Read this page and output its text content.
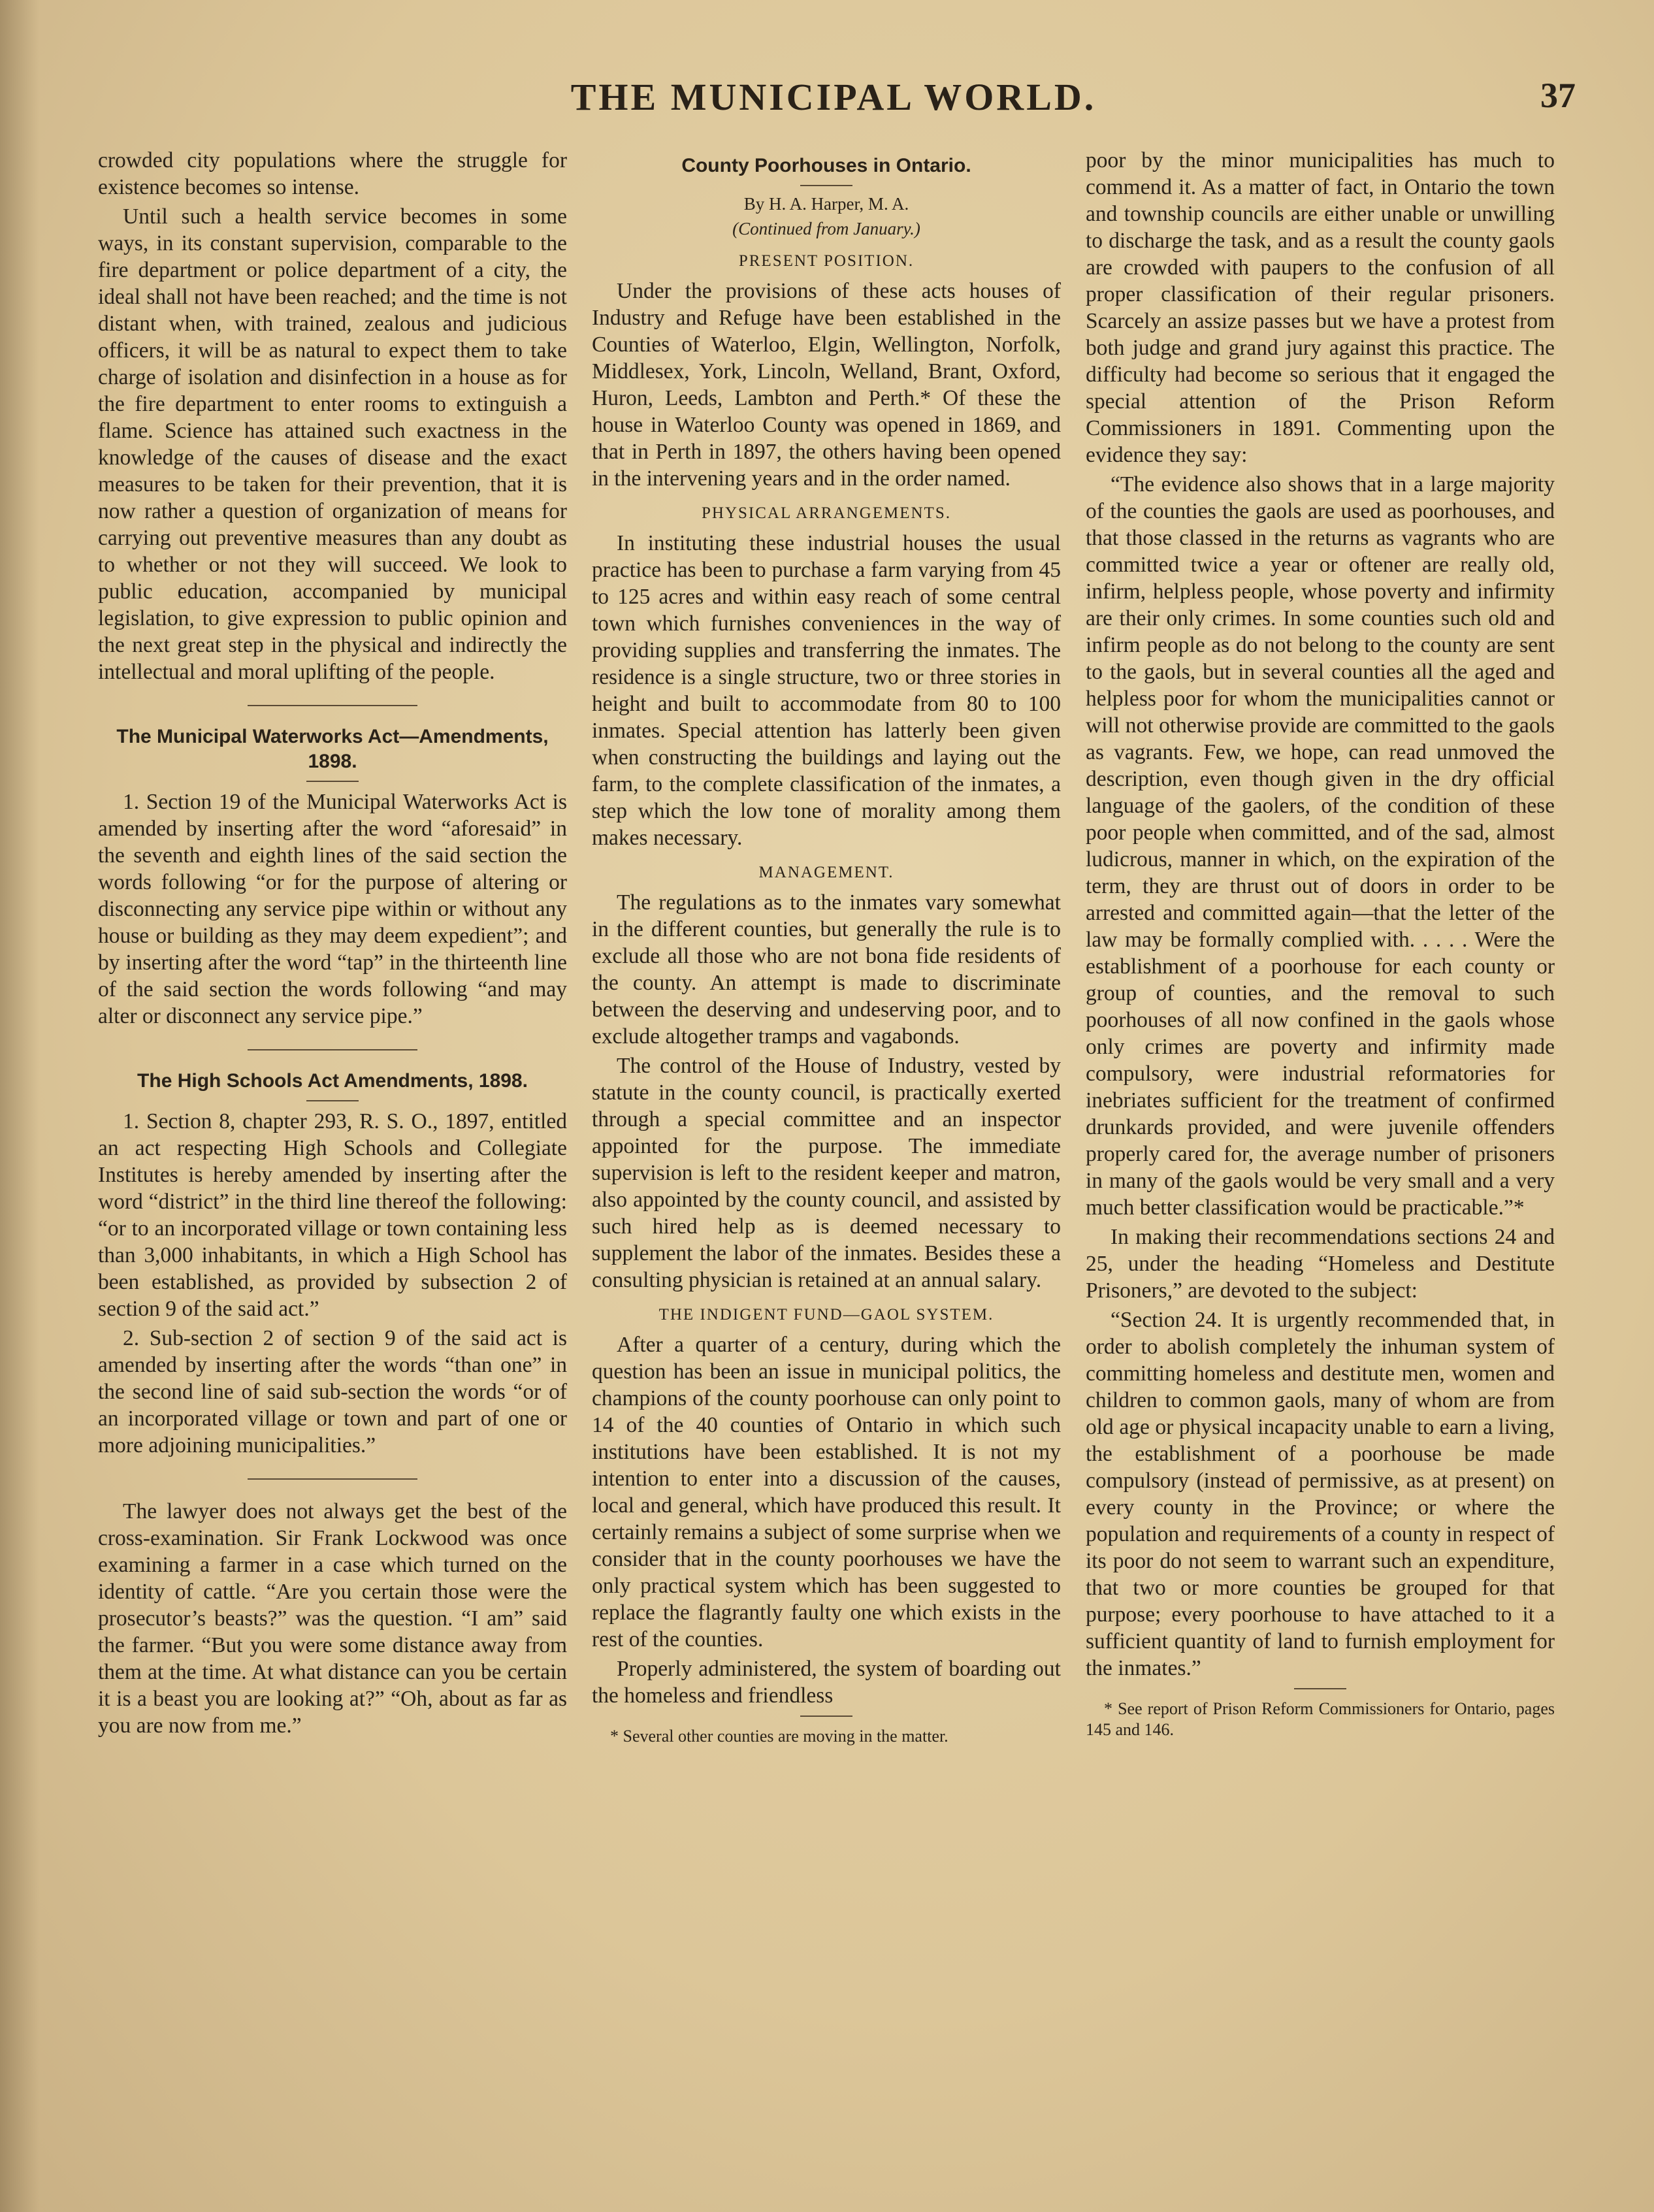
THE MUNICIPAL WORLD.	37

crowded city populations where the struggle for existence becomes so intense.

Until such a health service becomes in some ways, in its constant supervision, comparable to the fire department or police department of a city, the ideal shall not have been reached; and the time is not distant when, with trained, zealous and judicious officers, it will be as natural to expect them to take charge of isolation and disinfection in a house as for the fire department to enter rooms to extinguish a flame. Science has attained such exactness in the knowledge of the causes of disease and the exact measures to be taken for their prevention, that it is now rather a question of organization of means for carrying out preventive measures than any doubt as to whether or not they will succeed. We look to public education, accompanied by municipal legislation, to give expression to public opinion and the next great step in the physical and indirectly the intellectual and moral uplifting of the people.

The Municipal Waterworks Act—Amendments, 1898.

1. Section 19 of the Municipal Waterworks Act is amended by inserting after the word “aforesaid” in the seventh and eighth lines of the said section the words following “or for the purpose of altering or disconnecting any service pipe within or without any house or building as they may deem expedient”; and by inserting after the word “tap” in the thirteenth line of the said section the words following “and may alter or disconnect any service pipe.”

The High Schools Act Amendments, 1898.

1. Section 8, chapter 293, R. S. O., 1897, entitled an act respecting High Schools and Collegiate Institutes is hereby amended by inserting after the word “district” in the third line thereof the following: “or to an incorporated village or town containing less than 3,000 inhabitants, in which a High School has been established, as provided by subsection 2 of section 9 of the said act.”

2. Sub-section 2 of section 9 of the said act is amended by inserting after the words “than one” in the second line of said sub-section the words “or of an incorporated village or town and part of one or more adjoining municipalities.”

The lawyer does not always get the best of the cross-examination. Sir Frank Lockwood was once examining a farmer in a case which turned on the identity of cattle. “Are you certain those were the prosecutor’s beasts?” was the question. “I am” said the farmer. “But you were some distance away from them at the time. At what distance can you be certain it is a beast you are looking at?” “Oh, about as far as you are now from me.”

County Poorhouses in Ontario.
By H. A. Harper, M. A.
(Continued from January.)
PRESENT POSITION.

Under the provisions of these acts houses of Industry and Refuge have been established in the Counties of Waterloo, Elgin, Wellington, Norfolk, Middlesex, York, Lincoln, Welland, Brant, Oxford, Huron, Leeds, Lambton and Perth.* Of these the house in Waterloo County was opened in 1869, and that in Perth in 1897, the others having been opened in the intervening years and in the order named.

PHYSICAL ARRANGEMENTS.

In instituting these industrial houses the usual practice has been to purchase a farm varying from 45 to 125 acres and within easy reach of some central town which furnishes conveniences in the way of providing supplies and transferring the inmates. The residence is a single structure, two or three stories in height and built to accommodate from 80 to 100 inmates. Special attention has latterly been given when constructing the buildings and laying out the farm, to the complete classification of the inmates, a step which the low tone of morality among them makes necessary.

MANAGEMENT.

The regulations as to the inmates vary somewhat in the different counties, but generally the rule is to exclude all those who are not bona fide residents of the county. An attempt is made to discriminate between the deserving and undeserving poor, and to exclude altogether tramps and vagabonds.

The control of the House of Industry, vested by statute in the county council, is practically exerted through a special committee and an inspector appointed for the purpose. The immediate supervision is left to the resident keeper and matron, also appointed by the county council, and assisted by such hired help as is deemed necessary to supplement the labor of the inmates. Besides these a consulting physician is retained at an annual salary.

THE INDIGENT FUND—GAOL SYSTEM.

After a quarter of a century, during which the question has been an issue in municipal politics, the champions of the county poorhouse can only point to 14 of the 40 counties of Ontario in which such institutions have been established. It is not my intention to enter into a discussion of the causes, local and general, which have produced this result. It certainly remains a subject of some surprise when we consider that in the county poorhouses we have the only practical system which has been suggested to replace the flagrantly faulty one which exists in the rest of the counties.

Properly administered, the system of boarding out the homeless and friendless

* Several other counties are moving in the matter.

poor by the minor municipalities has much to commend it. As a matter of fact, in Ontario the town and township councils are either unable or unwilling to discharge the task, and as a result the county gaols are crowded with paupers to the confusion of all proper classification of their regular prisoners. Scarcely an assize passes but we have a protest from both judge and grand jury against this practice. The difficulty had become so serious that it engaged the special attention of the Prison Reform Commissioners in 1891. Commenting upon the evidence they say:

“The evidence also shows that in a large majority of the counties the gaols are used as poorhouses, and that those classed in the returns as vagrants who are committed twice a year or oftener are really old, infirm, helpless people, whose poverty and infirmity are their only crimes. In some counties such old and infirm people as do not belong to the county are sent to the gaols, but in several counties all the aged and helpless poor for whom the municipalities cannot or will not otherwise provide are committed to the gaols as vagrants. Few, we hope, can read unmoved the description, even though given in the dry official language of the gaolers, of the condition of these poor people when committed, and of the sad, almost ludicrous, manner in which, on the expiration of the term, they are thrust out of doors in order to be arrested and committed again—that the letter of the law may be formally complied with. . . . . Were the establishment of a poorhouse for each county or group of counties, and the removal to such poorhouses of all now confined in the gaols whose only crimes are poverty and infirmity made compulsory, were industrial reformatories for inebriates sufficient for the treatment of confirmed drunkards provided, and were juvenile offenders properly cared for, the average number of prisoners in many of the gaols would be very small and a very much better classification would be practicable.”*

In making their recommendations sections 24 and 25, under the heading “Homeless and Destitute Prisoners,” are devoted to the subject:

“Section 24. It is urgently recommended that, in order to abolish completely the inhuman system of committing homeless and destitute men, women and children to common gaols, many of whom are from old age or physical incapacity unable to earn a living, the establishment of a poorhouse be made compulsory (instead of permissive, as at present) on every county in the Province; or where the population and requirements of a county in respect of its poor do not seem to warrant such an expenditure, that two or more counties be grouped for that purpose; every poorhouse to have attached to it a sufficient quantity of land to furnish employment for the inmates.”

* See report of Prison Reform Commissioners for Ontario, pages 145 and 146.
